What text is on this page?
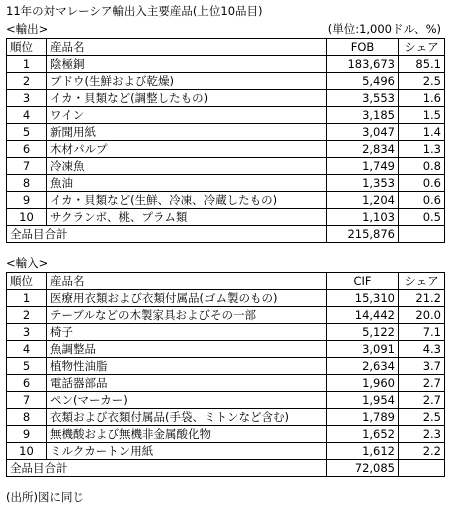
11年の対マレーシア輸出入主要産品(上位10品目)
<輸出>	(単位:1,000ドル、%)
順位	産品名	FOB	シェア
1	陰極銅	183,673	85.1
2	ブドウ(生鮮および乾燥)	5,496	2.5
3	イカ・貝類など(調整したもの)	3,553	1.6
4	ワイン	3,185	1.5
5	新聞用紙	3,047	1.4
6	木材パルプ	2,834	1.3
7	冷凍魚	1,749	0.8
8	魚油	1,353	0.6
9	イカ・貝類など(生鮮、冷凍、冷蔵したもの)	1,204	0.6
10	サクランボ、桃、プラム類	1,103	0.5
全品目合計		215,876	
<輸入>
順位	産品名	CIF	シェア
1	医療用衣類および衣類付属品(ゴム製のもの)	15,310	21.2
2	テーブルなどの木製家具およびその一部	14,442	20.0
3	椅子	5,122	7.1
4	魚調整品	3,091	4.3
5	植物性油脂	2,634	3.7
6	電話器部品	1,960	2.7
7	ペン(マーカー)	1,954	2.7
8	衣類および衣類付属品(手袋、ミトンなど含む)	1,789	2.5
9	無機酸および無機非金属酸化物	1,652	2.3
10	ミルクカートン用紙	1,612	2.2
全品目合計		72,085	
(出所)図に同じ
